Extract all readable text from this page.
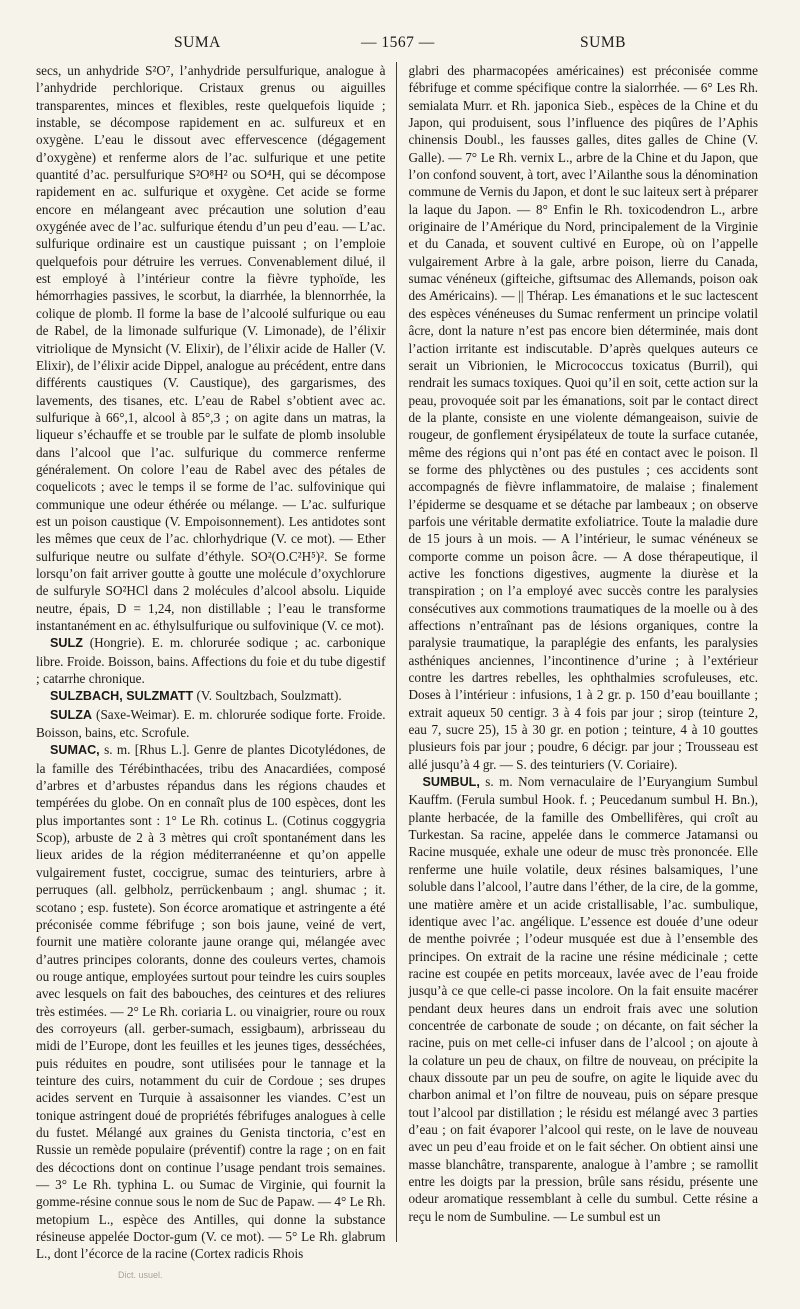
SUMA	— 1567 —	SUMB

secs, un anhydride S²O⁷, l’anhydride persulfurique, analogue à l’anhydride perchlorique. Cristaux grenus ou aiguilles transparentes, minces et flexibles, reste quelquefois liquide ; instable, se décompose rapidement en ac. sulfureux et en oxygène. L’eau le dissout avec effervescence (dégagement d’oxygène) et renferme alors de l’ac. sulfurique et une petite quantité d’ac. persulfurique S²O⁸H² ou SO⁴H, qui se décompose rapidement en ac. sulfurique et oxygène. Cet acide se forme encore en mélangeant avec précaution une solution d’eau oxygénée avec de l’ac. sulfurique étendu d’un peu d’eau. — L’ac. sulfurique ordinaire est un caustique puissant ; on l’emploie quelquefois pour détruire les verrues. Convenablement dilué, il est employé à l’intérieur contre la fièvre typhoïde, les hémorrhagies passives, le scorbut, la diarrhée, la blennorrhée, la colique de plomb. Il forme la base de l’alcoolé sulfurique ou eau de Rabel, de la limonade sulfurique (V. Limonade), de l’élixir vitriolique de Mynsicht (V. Elixir), de l’élixir acide de Haller (V. Elixir), de l’élixir acide Dippel, analogue au précédent, entre dans différents caustiques (V. Caustique), des gargarismes, des lavements, des tisanes, etc. L’eau de Rabel s’obtient avec ac. sulfurique à 66°,1, alcool à 85°,3 ; on agite dans un matras, la liqueur s’échauffe et se trouble par le sulfate de plomb insoluble dans l’alcool que l’ac. sulfurique du commerce renferme généralement. On colore l’eau de Rabel avec des pétales de coquelicots ; avec le temps il se forme de l’ac. sulfovinique qui communique une odeur éthérée ou mélange. — L’ac. sulfurique est un poison caustique (V. Empoisonnement). Les antidotes sont les mêmes que ceux de l’ac. chlorhydrique (V. ce mot). — Ether sulfurique neutre ou sulfate d’éthyle. SO²(O.C²H⁵)². Se forme lorsqu’on fait arriver goutte à goutte une molécule d’oxychlorure de sulfuryle SO²HCl dans 2 molécules d’alcool absolu. Liquide neutre, épais, D = 1,24, non distillable ; l’eau le transforme instantanément en ac. éthylsulfurique ou sulfovinique (V. ce mot).

SULZ (Hongrie). E. m. chlorurée sodique ; ac. carbonique libre. Froide. Boisson, bains. Affections du foie et du tube digestif ; catarrhe chronique.

SULZBACH, SULZMATT (V. Soultzbach, Soulzmatt).

SULZA (Saxe-Weimar). E. m. chlorurée sodique forte. Froide. Boisson, bains, etc. Scrofule.

SUMAC, s. m. [Rhus L.]. Genre de plantes Dicotylédones, de la famille des Térébinthacées, tribu des Anacardiées, composé d’arbres et d’arbustes répandus dans les régions chaudes et tempérées du globe. On en connaît plus de 100 espèces, dont les plus importantes sont : 1° Le Rh. cotinus L. (Cotinus coggygria Scop), arbuste de 2 à 3 mètres qui croît spontanément dans les lieux arides de la région méditerranéenne et qu’on appelle vulgairement fustet, coccigrue, sumac des teinturiers, arbre à perruques (all. gelbholz, perrückenbaum ; angl. shumac ; it. scotano ; esp. fustete). Son écorce aromatique et astringente a été préconisée comme fébrifuge ; son bois jaune, veiné de vert, fournit une matière colorante jaune orange qui, mélangée avec d’autres principes colorants, donne des couleurs vertes, chamois ou rouge antique, employées surtout pour teindre les cuirs souples avec lesquels on fait des babouches, des ceintures et des reliures très estimées. — 2° Le Rh. coriaria L. ou vinaigrier, roure ou roux des corroyeurs (all. gerber-sumach, essigbaum), arbrisseau du midi de l’Europe, dont les feuilles et les jeunes tiges, desséchées, puis réduites en poudre, sont utilisées pour le tannage et la teinture des cuirs, notamment du cuir de Cordoue ; ses drupes acides servent en Turquie à assaisonner les viandes. C’est un tonique astringent doué de propriétés fébrifuges analogues à celle du fustet. Mélangé aux graines du Genista tinctoria, c’est en Russie un remède populaire (préventif) contre la rage ; on en fait des décoctions dont on continue l’usage pendant trois semaines. — 3° Le Rh. typhina L. ou Sumac de Virginie, qui fournit la gomme-résine connue sous le nom de Suc de Papaw. — 4° Le Rh. metopium L., espèce des Antilles, qui donne la substance résineuse appelée Doctor-gum (V. ce mot). — 5° Le Rh. glabrum L., dont l’écorce de la racine (Cortex radicis Rhois

glabri des pharmacopées américaines) est préconisée comme fébrifuge et comme spécifique contre la sialorrhée. — 6° Les Rh. semialata Murr. et Rh. japonica Sieb., espèces de la Chine et du Japon, qui produisent, sous l’influence des piqûres de l’Aphis chinensis Doubl., les fausses galles, dites galles de Chine (V. Galle). — 7° Le Rh. vernix L., arbre de la Chine et du Japon, que l’on confond souvent, à tort, avec l’Ailanthe sous la dénomination commune de Vernis du Japon, et dont le suc laiteux sert à préparer la laque du Japon. — 8° Enfin le Rh. toxicodendron L., arbre originaire de l’Amérique du Nord, principalement de la Virginie et du Canada, et souvent cultivé en Europe, où on l’appelle vulgairement Arbre à la gale, arbre poison, lierre du Canada, sumac vénéneux (gifteiche, giftsumac des Allemands, poison oak des Américains). — || Thérap. Les émanations et le suc lactescent des espèces vénéneuses du Sumac renferment un principe volatil âcre, dont la nature n’est pas encore bien déterminée, mais dont l’action irritante est indiscutable. D’après quelques auteurs ce serait un Vibrionien, le Micrococcus toxicatus (Burril), qui rendrait les sumacs toxiques. Quoi qu’il en soit, cette action sur la peau, provoquée soit par les émanations, soit par le contact direct de la plante, consiste en une violente démangeaison, suivie de rougeur, de gonflement érysipélateux de toute la surface cutanée, même des régions qui n’ont pas été en contact avec le poison. Il se forme des phlyctènes ou des pustules ; ces accidents sont accompagnés de fièvre inflammatoire, de malaise ; finalement l’épiderme se desquame et se détache par lambeaux ; on observe parfois une véritable dermatite exfoliatrice. Toute la maladie dure de 15 jours à un mois. — A l’intérieur, le sumac vénéneux se comporte comme un poison âcre. — A dose thérapeutique, il active les fonctions digestives, augmente la diurèse et la transpiration ; on l’a employé avec succès contre les paralysies consécutives aux commotions traumatiques de la moelle ou à des affections n’entraînant pas de lésions organiques, contre la paralysie traumatique, la paraplégie des enfants, les paralysies asthéniques anciennes, l’incontinence d’urine ; à l’extérieur contre les dartres rebelles, les ophthalmies scrofuleuses, etc. Doses à l’intérieur : infusions, 1 à 2 gr. p. 150 d’eau bouillante ; extrait aqueux 50 centigr. 3 à 4 fois par jour ; sirop (teinture 2, eau 7, sucre 25), 15 à 30 gr. en potion ; teinture, 4 à 10 gouttes plusieurs fois par jour ; poudre, 6 décigr. par jour ; Trousseau est allé jusqu’à 4 gr. — S. des teinturiers (V. Coriaire).

SUMBUL, s. m. Nom vernaculaire de l’Euryangium Sumbul Kauffm. (Ferula sumbul Hook. f. ; Peucedanum sumbul H. Bn.), plante herbacée, de la famille des Ombellifères, qui croît au Turkestan. Sa racine, appelée dans le commerce Jatamansi ou Racine musquée, exhale une odeur de musc très prononcée. Elle renferme une huile volatile, deux résines balsamiques, l’une soluble dans l’alcool, l’autre dans l’éther, de la cire, de la gomme, une matière amère et un acide cristallisable, l’ac. sumbulique, identique avec l’ac. angélique. L’essence est douée d’une odeur de menthe poivrée ; l’odeur musquée est due à l’ensemble des principes. On extrait de la racine une résine médicinale ; cette racine est coupée en petits morceaux, lavée avec de l’eau froide jusqu’à ce que celle-ci passe incolore. On la fait ensuite macérer pendant deux heures dans un endroit frais avec une solution concentrée de carbonate de soude ; on décante, on fait sécher la racine, puis on met celle-ci infuser dans de l’alcool ; on ajoute à la colature un peu de chaux, on filtre de nouveau, on précipite la chaux dissoute par un peu de soufre, on agite le liquide avec du charbon animal et l’on filtre de nouveau, puis on sépare presque tout l’alcool par distillation ; le résidu est mélangé avec 3 parties d’eau ; on fait évaporer l’alcool qui reste, on le lave de nouveau avec un peu d’eau froide et on le fait sécher. On obtient ainsi une masse blanchâtre, transparente, analogue à l’ambre ; se ramollit entre les doigts par la pression, brûle sans résidu, présente une odeur aromatique ressemblant à celle du sumbul. Cette résine a reçu le nom de Sumbuline. — Le sumbul est un

Dict. usuel.
